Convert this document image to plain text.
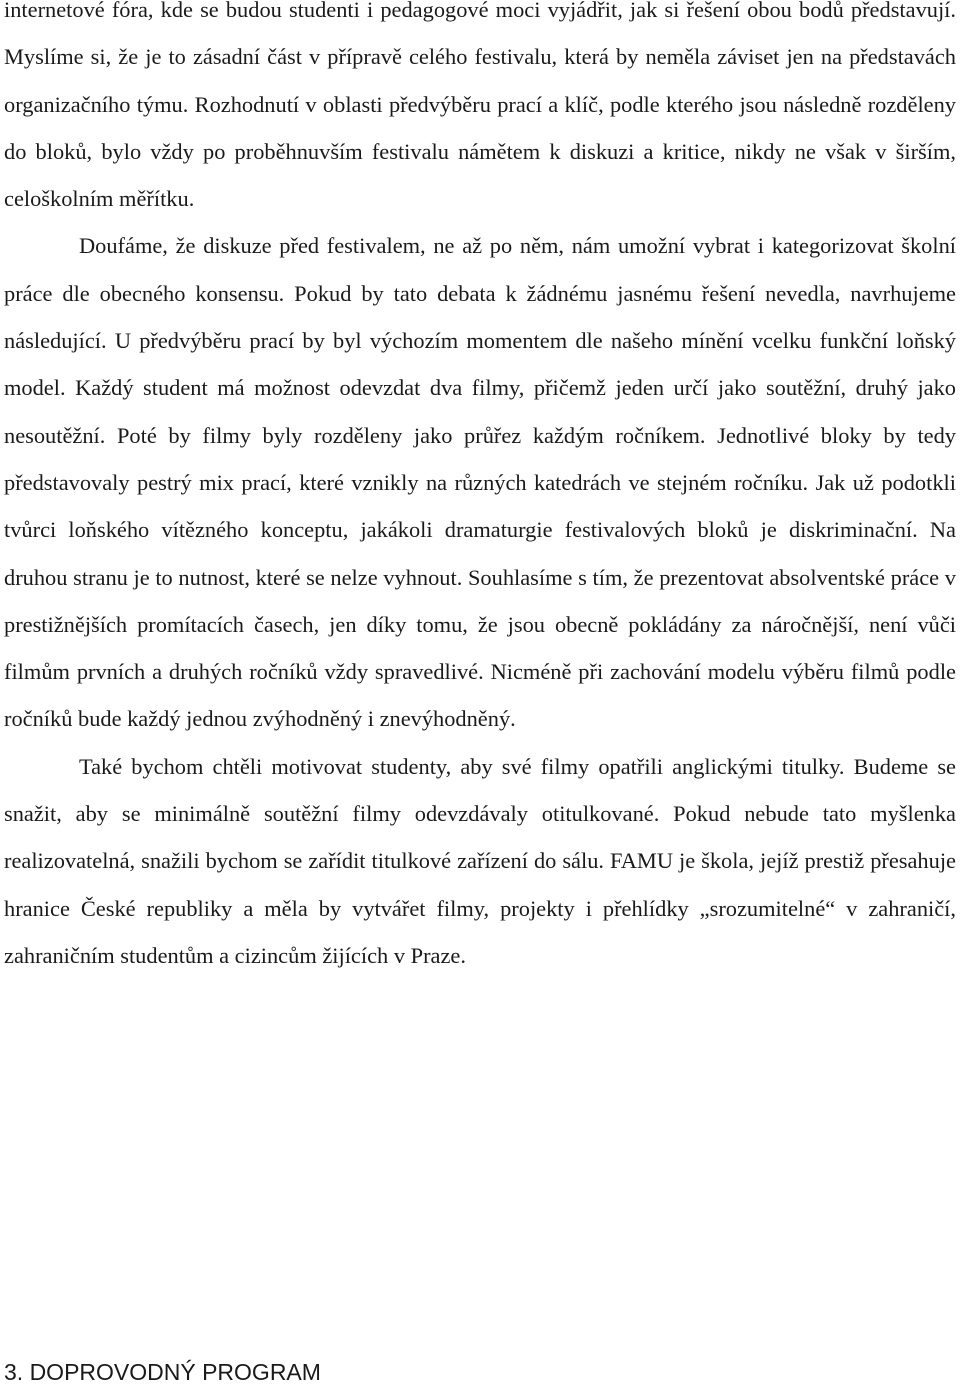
internetové fóra, kde se budou studenti i pedagogové moci vyjádřit, jak si řešení obou bodů představují. Myslíme si, že je to zásadní část v přípravě celého festivalu, která by neměla záviset jen na představách organizačního týmu. Rozhodnutí v oblasti předvýběru prací a klíč, podle kterého jsou následně rozděleny do bloků, bylo vždy po proběhnuvším festivalu námětem k diskuzi a kritice, nikdy ne však v širším, celoškolním měřítku.

Doufáme, že diskuze před festivalem, ne až po něm, nám umožní vybrat i kategorizovat školní práce dle obecného konsensu. Pokud by tato debata k žádnému jasnému řešení nevedla, navrhujeme následující. U předvýběru prací by byl výchozím momentem dle našeho mínění vcelku funkční loňský model. Každý student má možnost odevzdat dva filmy, přičemž jeden určí jako soutěžní, druhý jako nesoutěžní. Poté by filmy byly rozděleny jako průřez každým ročníkem. Jednotlivé bloky by tedy představovaly pestrý mix prací, které vznikly na různých katedrách ve stejném ročníku. Jak už podotkli tvůrci loňského vítězného konceptu, jakákoli dramaturgie festivalových bloků je diskriminační. Na druhou stranu je to nutnost, které se nelze vyhnout. Souhlasíme s tím, že prezentovat absolventské práce v prestižnějších promítacích časech, jen díky tomu, že jsou obecně pokládány za náročnější, není vůči filmům prvních a druhých ročníků vždy spravedlivé. Nicméně při zachování modelu výběru filmů podle ročníků bude každý jednou zvýhodněný i znevýhodněný.

Také bychom chtěli motivovat studenty, aby své filmy opatřili anglickými titulky. Budeme se snažit, aby se minimálně soutěžní filmy odevzdávaly otitulkované. Pokud nebude tato myšlenka realizovatelná, snažili bychom se zařídit titulkové zařízení do sálu. FAMU je škola, jejíž prestiž přesahuje hranice České republiky a měla by vytvářet filmy, projekty i přehlídky „srozumitelné“ v zahraničí, zahraničním studentům a cizincům žijících v Praze.

3. DOPROVODNÝ PROGRAM
